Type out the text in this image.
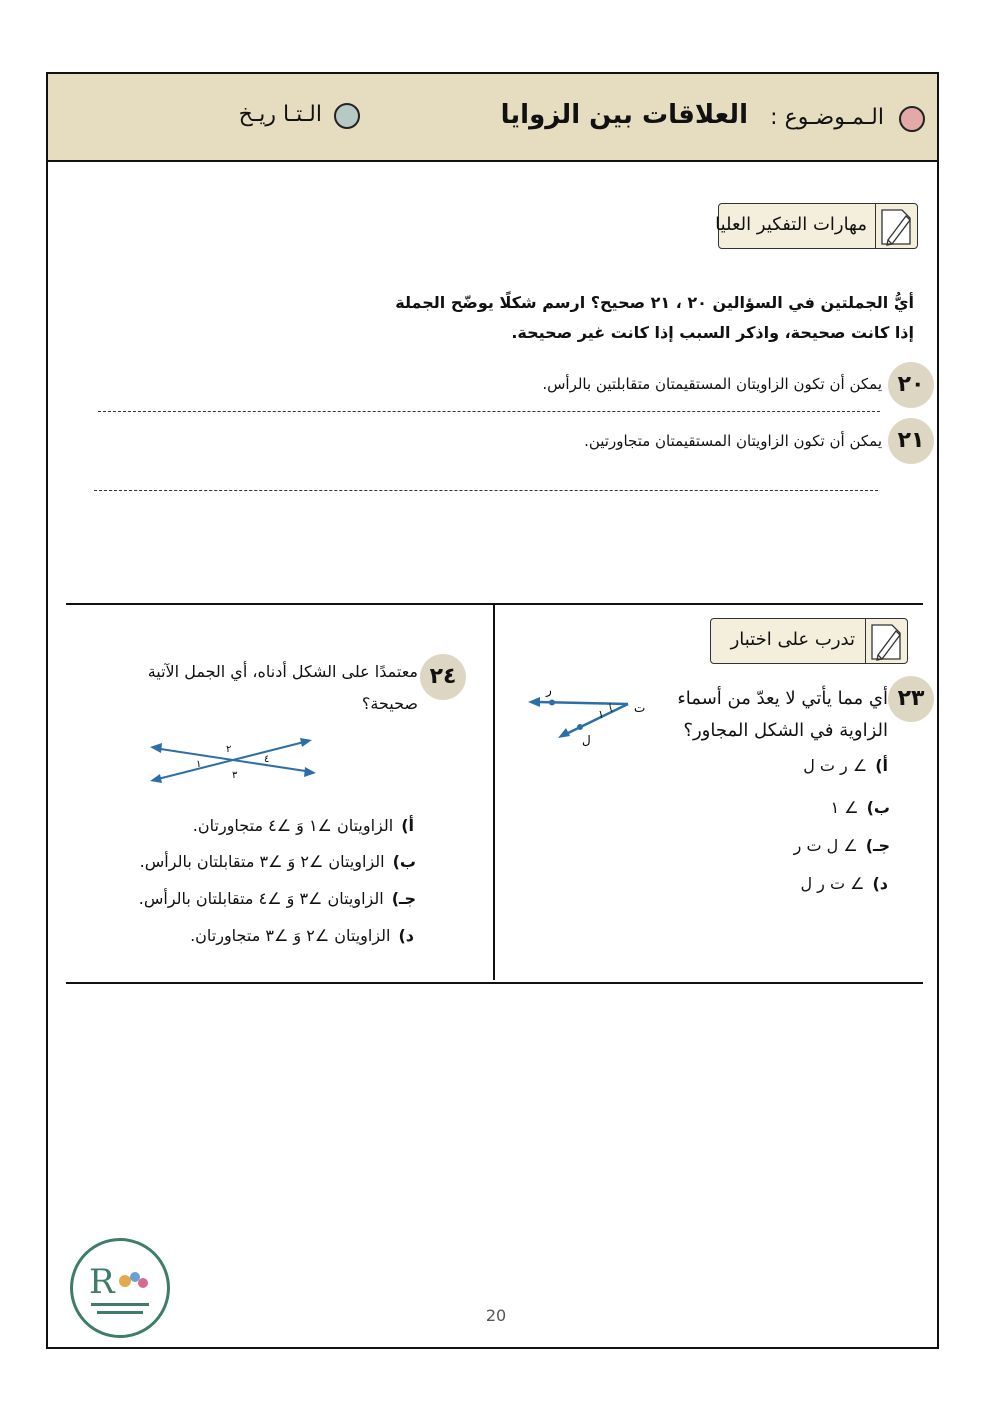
الـمـوضـوع :
العلاقات بين الزوايا
الـتـا ريـخ
مهارات التفكير العليا
أيُّ الجملتين في السؤالين ٢٠ ، ٢١ صحيح؟ ارسم شكلًا يوضّح الجملة إذا كانت صحيحة، واذكر السبب إذا كانت غير صحيحة.
٢٠
يمكن أن تكون الزاويتان المستقيمتان متقابلتين بالرأس.
٢١
يمكن أن تكون الزاويتان المستقيمتان متجاورتين.
تدرب على اختبار
٢٣
أي مما يأتي لا يعدّ من أسماء
الزاوية في الشكل المجاور؟
١	ت
ر
ل
أ)∠ ر ت ل
ب)∠ ١
جـ)∠ ل ت ر
د)∠ ت ر ل
٢٤
معتمدًا على الشكل أدناه، أي الجمل الآتية
صحيحة؟
١
٢
٣
٤
أ)الزاويتان ∠١ وَ ∠٤ متجاورتان.
ب)الزاويتان ∠٢ وَ ∠٣ متقابلتان بالرأس.
جـ)الزاويتان ∠٣ وَ ∠٤ متقابلتان بالرأس.
د)الزاويتان ∠٢ وَ ∠٣ متجاورتان.
R
20
